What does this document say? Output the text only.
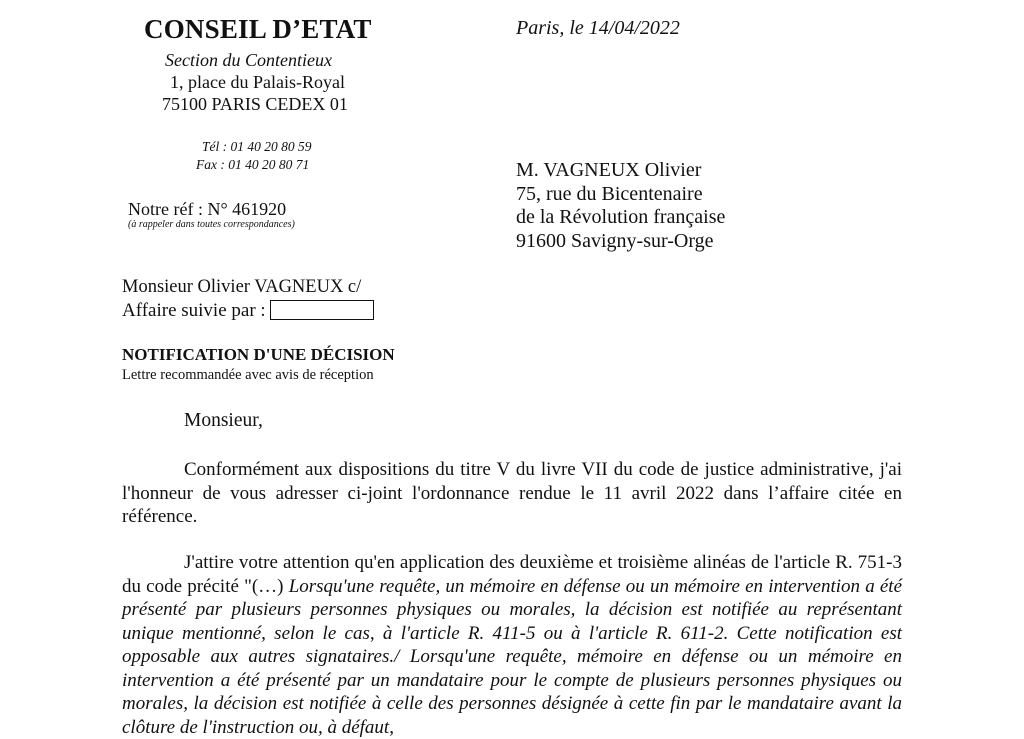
CONSEIL D’ETAT
Section du Contentieux
1, place du Palais-Royal
75100 PARIS CEDEX 01
Tél : 01 40 20 80 59
Fax : 01 40 20 80 71
Notre réf : N° 461920
(à rappeler dans toutes correspondances)
Paris, le 14/04/2022
M. VAGNEUX Olivier
75, rue du Bicentenaire
de la Révolution française
91600 Savigny-sur-Orge
Monsieur Olivier VAGNEUX c/
Affaire suivie par :
NOTIFICATION D'UNE DÉCISION
Lettre recommandée avec avis de réception
Monsieur,
Conformément aux dispositions du titre V du livre VII du code de justice administrative, j'ai l'honneur de vous adresser ci-joint l'ordonnance rendue le 11 avril 2022 dans l’affaire citée en référence.
J'attire votre attention qu'en application des deuxième et troisième alinéas de l'article R. 751-3 du code précité "(…) Lorsqu'une requête, un mémoire en défense ou un mémoire en intervention a été présenté par plusieurs personnes physiques ou morales, la décision est notifiée au représentant unique mentionné, selon le cas, à l'article R. 411-5 ou à l'article R. 611-2. Cette notification est opposable aux autres signataires./ Lorsqu'une requête, mémoire en défense ou un mémoire en intervention a été présenté par un mandataire pour le compte de plusieurs personnes physiques ou morales, la décision est notifiée à celle des personnes désignée à cette fin par le mandataire avant la clôture de l'instruction ou, à défaut,
